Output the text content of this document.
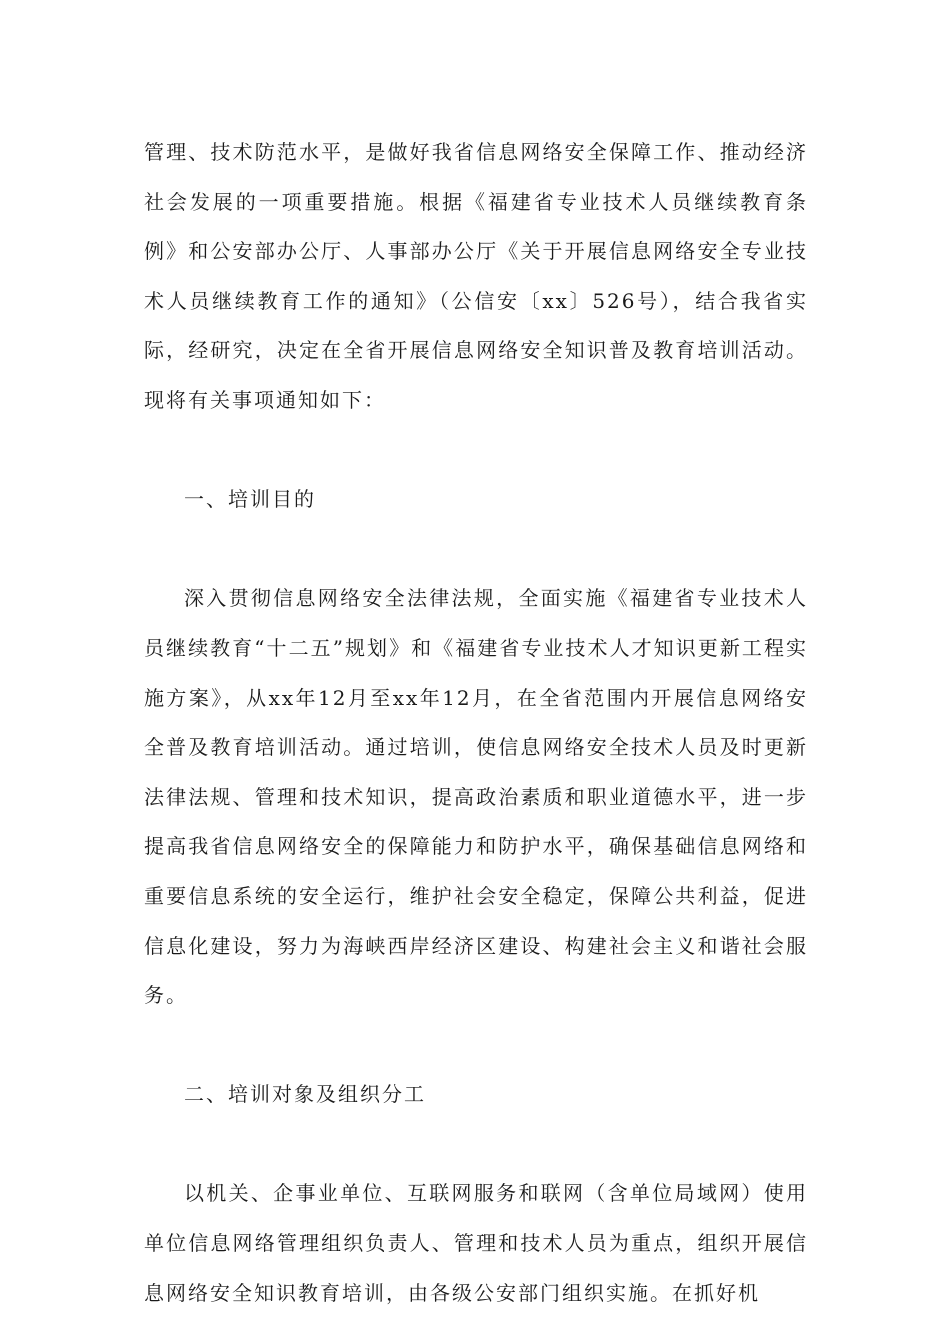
管理、技术防范水平，是做好我省信息网络安全保障工作、推动经济社会发展的一项重要措施。根据《福建省专业技术人员继续教育条例》和公安部办公厅、人事部办公厅《关于开展信息网络安全专业技术人员继续教育工作的通知》（公信安〔xx〕526号），结合我省实际，经研究，决定在全省开展信息网络安全知识普及教育培训活动。现将有关事项通知如下：

一、培训目的

深入贯彻信息网络安全法律法规，全面实施《福建省专业技术人员继续教育“十二五”规划》和《福建省专业技术人才知识更新工程实施方案》，从xx年12月至xx年12月，在全省范围内开展信息网络安全普及教育培训活动。通过培训，使信息网络安全技术人员及时更新法律法规、管理和技术知识，提高政治素质和职业道德水平，进一步提高我省信息网络安全的保障能力和防护水平，确保基础信息网络和重要信息系统的安全运行，维护社会安全稳定，保障公共利益，促进信息化建设，努力为海峡西岸经济区建设、构建社会主义和谐社会服务。

二、培训对象及组织分工

以机关、企事业单位、互联网服务和联网（含单位局域网）使用单位信息网络管理组织负责人、管理和技术人员为重点，组织开展信息网络安全知识教育培训，由各级公安部门组织实施。在抓好机
